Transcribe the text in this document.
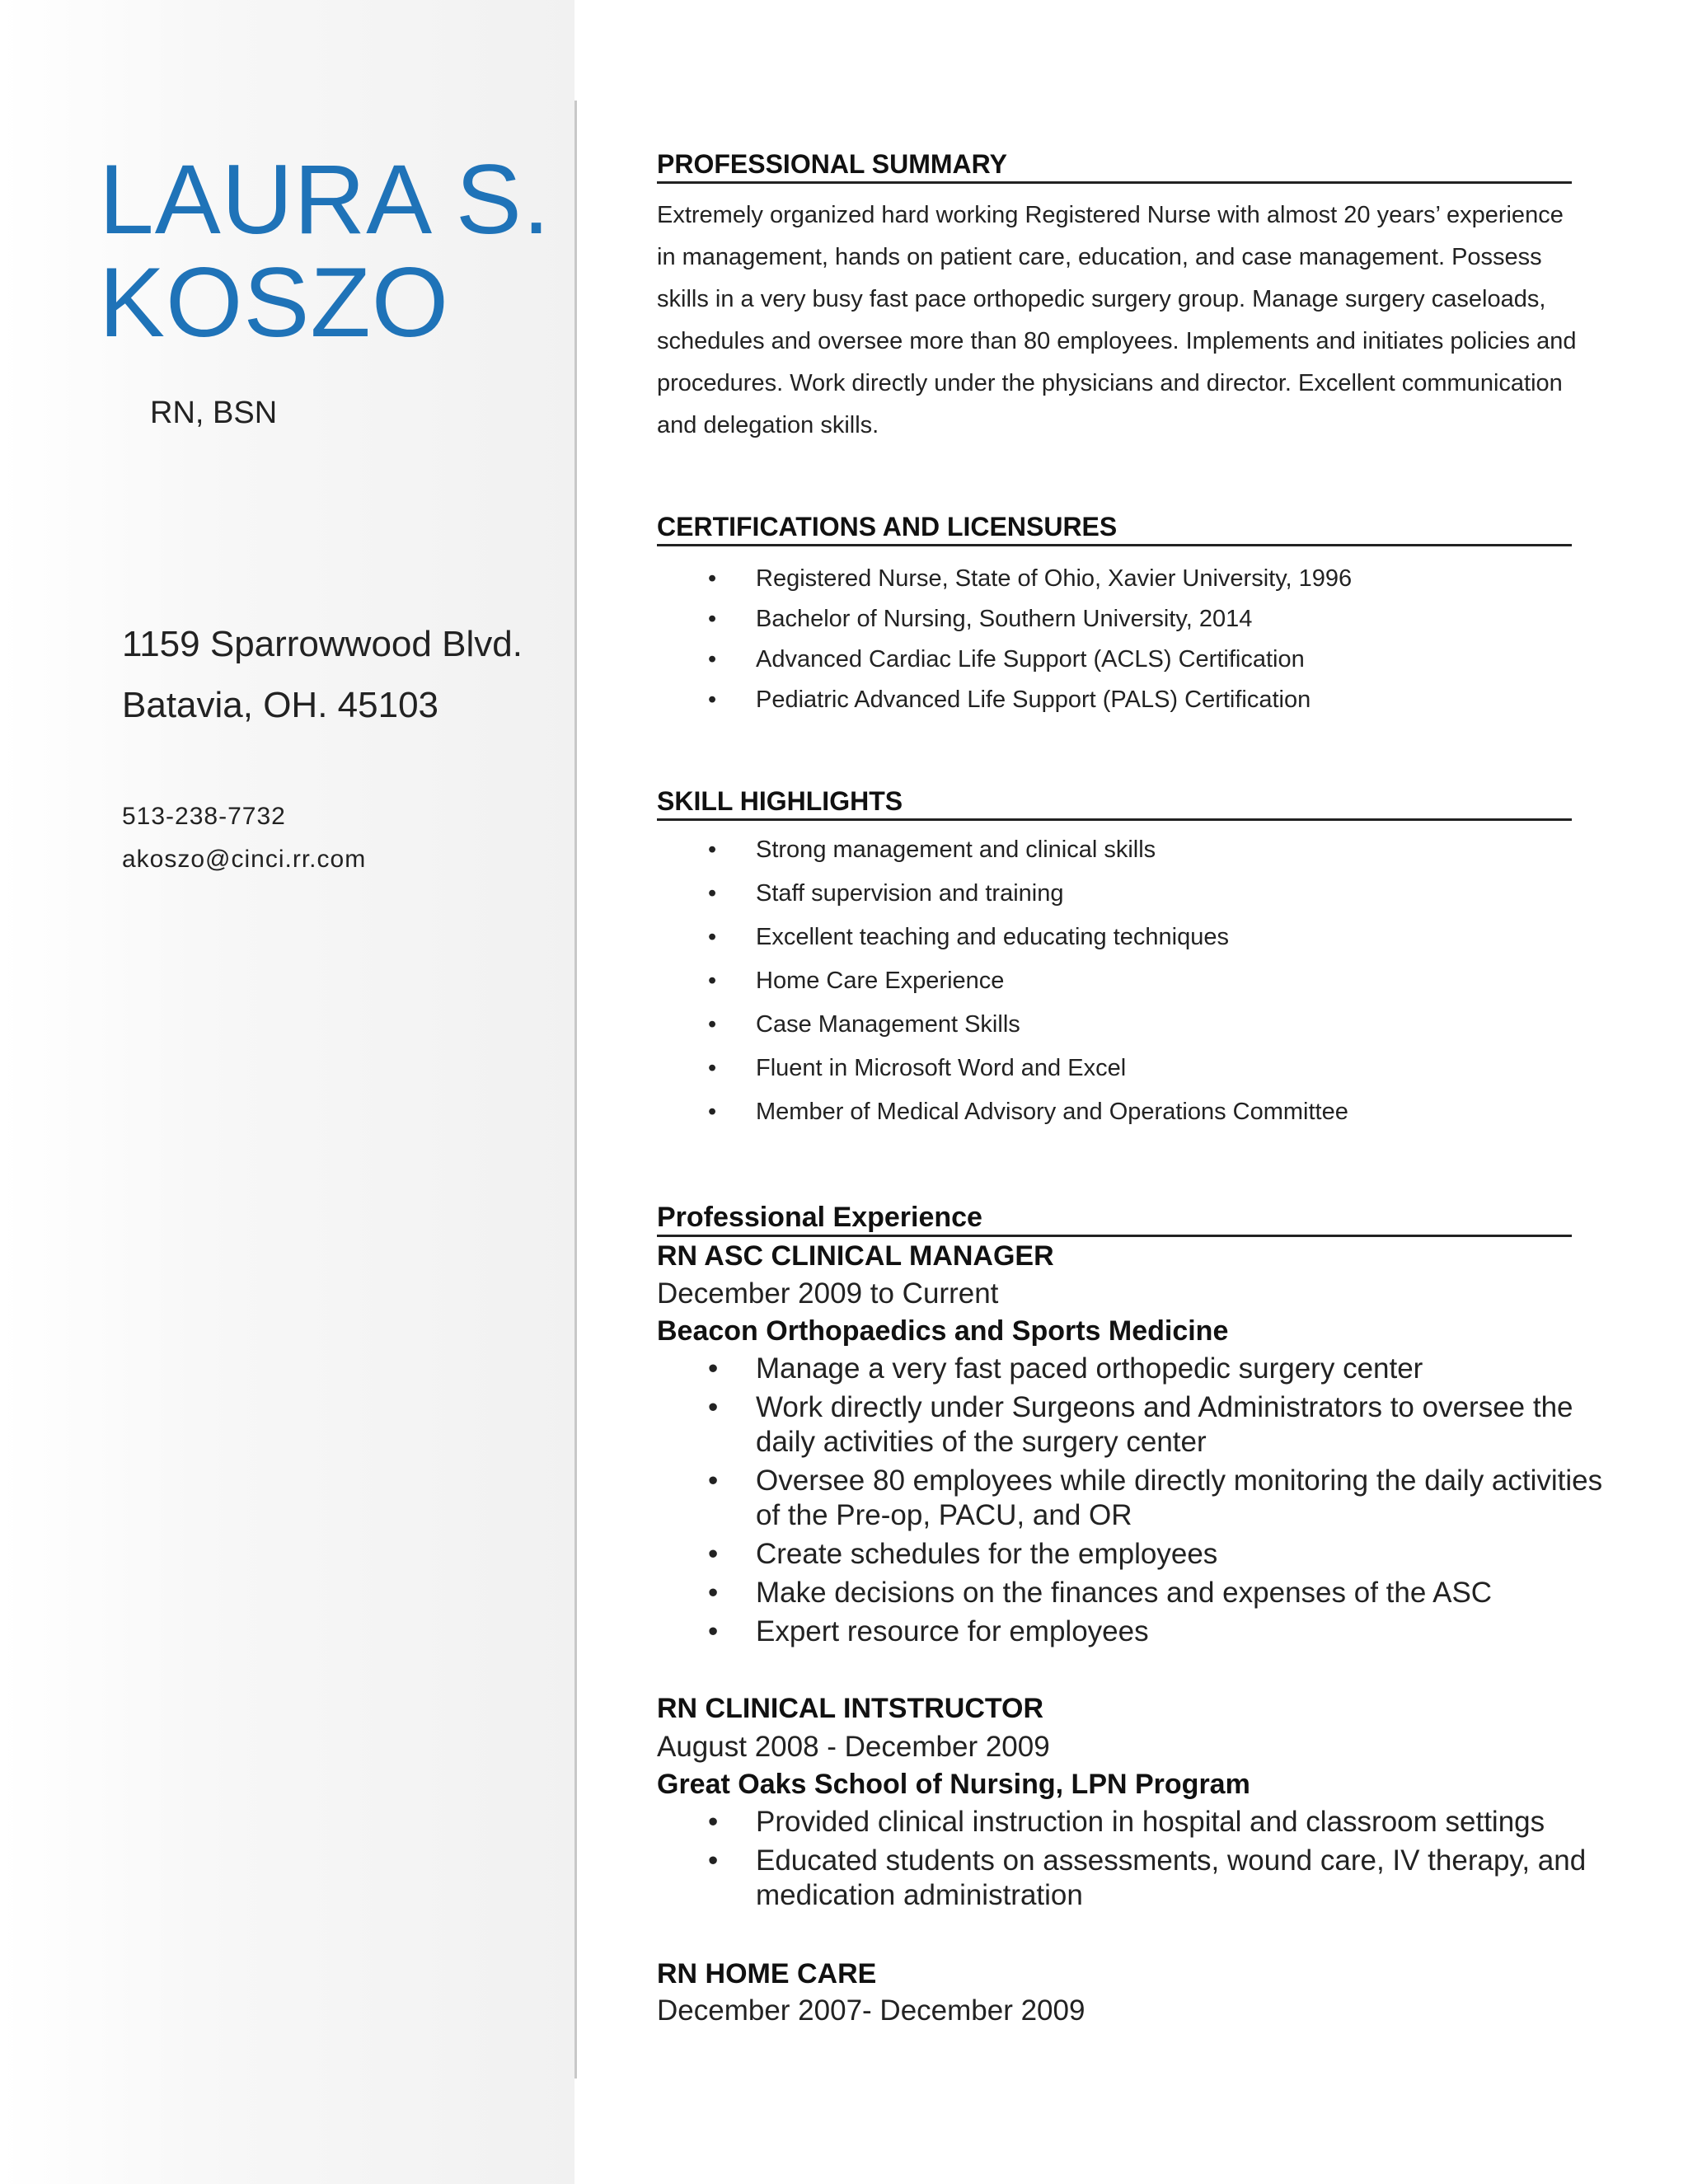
LAURA S.
KOSZO
RN, BSN
1159 Sparrowwood Blvd.
Batavia, OH. 45103
513-238-7732
akoszo@cinci.rr.com
PROFESSIONAL SUMMARY

Extremely organized hard working Registered Nurse with almost 20 years’ experience in management, hands on patient care, education, and case management. Possess skills in a very busy fast pace orthopedic surgery group. Manage surgery caseloads, schedules and oversee more than 80 employees. Implements and initiates policies and procedures. Work directly under the physicians and director. Excellent communication and delegation skills.

CERTIFICATIONS AND LICENSURES
• Registered Nurse, State of Ohio, Xavier University, 1996
• Bachelor of Nursing, Southern University, 2014
• Advanced Cardiac Life Support (ACLS) Certification
• Pediatric Advanced Life Support (PALS) Certification
SKILL HIGHLIGHTS
• Strong management and clinical skills
• Staff supervision and training
• Excellent teaching and educating techniques
• Home Care Experience
• Case Management Skills
• Fluent in Microsoft Word and Excel
• Member of Medical Advisory and Operations Committee
Professional Experience
RN ASC CLINICAL MANAGER
December 2009 to Current
Beacon Orthopaedics and Sports Medicine
• Manage a very fast paced orthopedic surgery center
• Work directly under Surgeons and Administrators to oversee the daily activities of the surgery center
• Oversee 80 employees while directly monitoring the daily activities of the Pre-op, PACU, and OR
• Create schedules for the employees
• Make decisions on the finances and expenses of the ASC
• Expert resource for employees
RN CLINICAL INTSTRUCTOR
August 2008 - December 2009
Great Oaks School of Nursing, LPN Program
• Provided clinical instruction in hospital and classroom settings
• Educated students on assessments, wound care, IV therapy, and medication administration
RN HOME CARE
December 2007- December 2009
